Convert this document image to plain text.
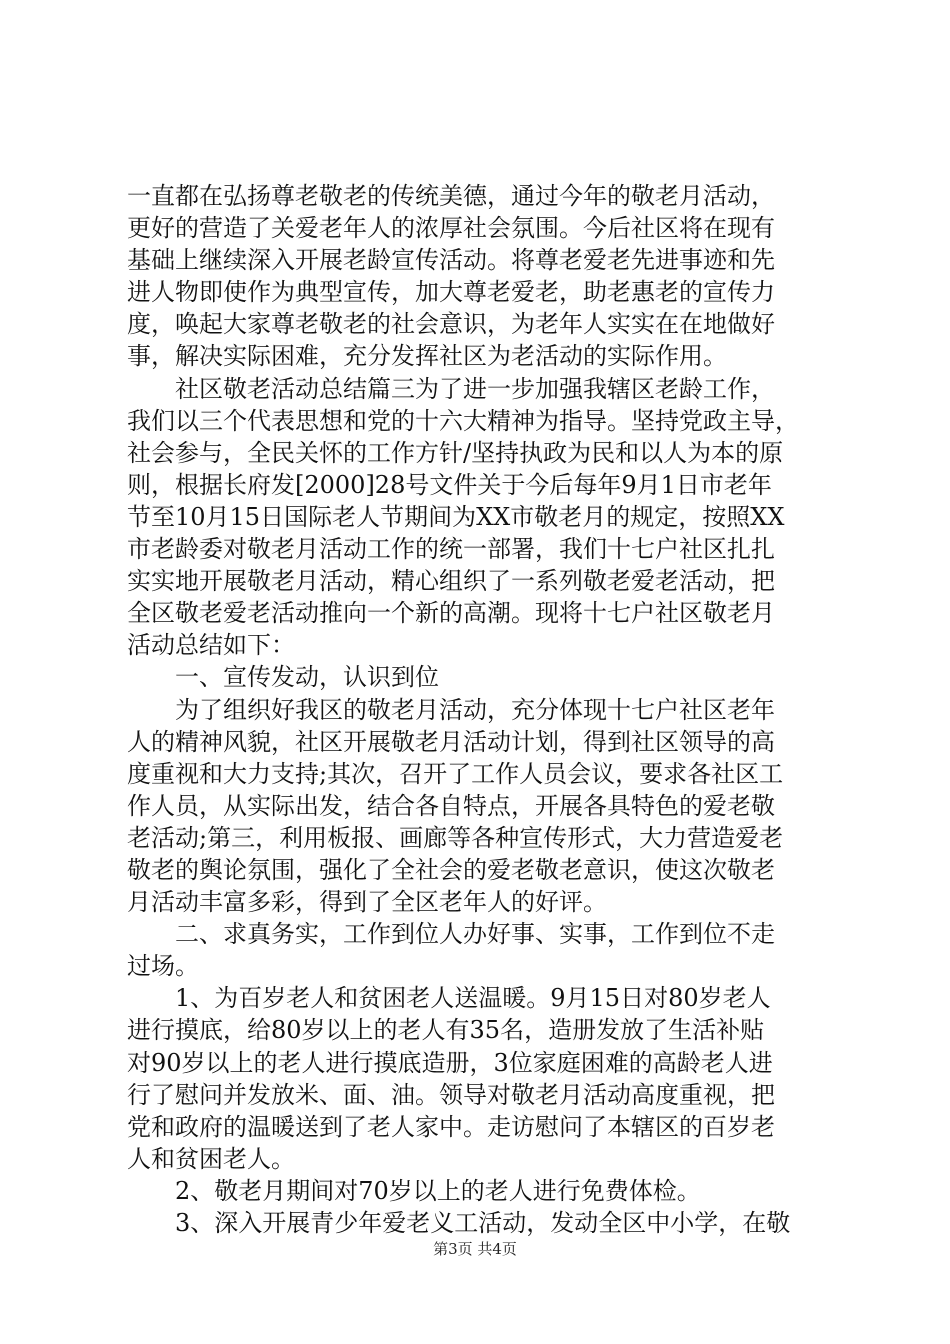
一直都在弘扬尊老敬老的传统美德，通过今年的敬老月活动，
更好的营造了关爱老年人的浓厚社会氛围。今后社区将在现有
基础上继续深入开展老龄宣传活动。将尊老爱老先进事迹和先
进人物即使作为典型宣传，加大尊老爱老，助老惠老的宣传力
度，唤起大家尊老敬老的社会意识，为老年人实实在在地做好
事，解决实际困难，充分发挥社区为老活动的实际作用。
　　社区敬老活动总结篇三为了进一步加强我辖区老龄工作，
我们以三个代表思想和党的十六大精神为指导。坚持党政主导，
社会参与，全民关怀的工作方针/坚持执政为民和以人为本的原
则，根据长府发[2000]28号文件关于今后每年9月1日市老年
节至10月15日国际老人节期间为XX市敬老月的规定，按照XX
市老龄委对敬老月活动工作的统一部署，我们十七户社区扎扎
实实地开展敬老月活动，精心组织了一系列敬老爱老活动，把
全区敬老爱老活动推向一个新的高潮。现将十七户社区敬老月
活动总结如下：
　　一、宣传发动，认识到位
　　为了组织好我区的敬老月活动，充分体现十七户社区老年
人的精神风貌，社区开展敬老月活动计划，得到社区领导的高
度重视和大力支持;其次，召开了工作人员会议，要求各社区工
作人员，从实际出发，结合各自特点，开展各具特色的爱老敬
老活动;第三，利用板报、画廊等各种宣传形式，大力营造爱老
敬老的舆论氛围，强化了全社会的爱老敬老意识，使这次敬老
月活动丰富多彩，得到了全区老年人的好评。
　　二、求真务实，工作到位人办好事、实事，工作到位不走
过场。
　　1、为百岁老人和贫困老人送温暖。9月15日对80岁老人
进行摸底，给80岁以上的老人有35名，造册发放了生活补贴
对90岁以上的老人进行摸底造册，3位家庭困难的高龄老人进
行了慰问并发放米、面、油。领导对敬老月活动高度重视，把
党和政府的温暖送到了老人家中。走访慰问了本辖区的百岁老
人和贫困老人。
　　2、敬老月期间对70岁以上的老人进行免费体检。
　　3、深入开展青少年爱老义工活动，发动全区中小学，在敬
第3页 共4页
